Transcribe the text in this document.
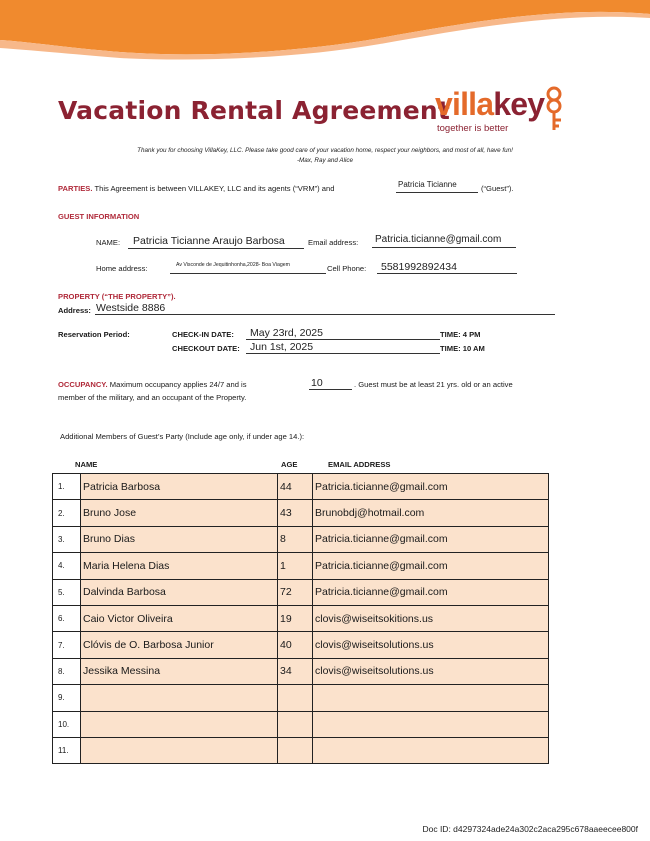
Vacation Rental Agreement
villakey
together is better
Thank you for choosing VillaKey, LLC. Please take good care of your vacation home, respect your neighbors, and most of all, have fun!
-Max, Ray and Alice
PARTIES. This Agreement is between VILLAKEY, LLC and its agents (“VRM”) and	Patricia Ticianne	(“Guest”).
GUEST INFORMATION
NAME: Patricia Ticianne Araujo Barbosa	Email address: Patricia.ticianne@gmail.com
Home address:	Av Visconde de Jequitinhonha,2028- Boa Viagem	Cell Phone: 5581992892434
PROPERTY (“THE PROPERTY”).
Address: Westside 8886
Reservation Period:	CHECK-IN DATE: May 23rd, 2025	TIME: 4 PM
CHECKOUT DATE: Jun 1st, 2025	TIME: 10 AM
OCCUPANCY. Maximum occupancy applies 24/7 and is	10	. Guest must be at least 21 yrs. old or an active
member of the military, and an occupant of the Property.
Additional Members of Guest’s Party (Include age only, if under age 14.):
NAME	AGE	EMAIL ADDRESS
1.	Patricia Barbosa	44	Patricia.ticianne@gmail.com
2.	Bruno Jose	43	Brunobdj@hotmail.com
3.	Bruno Dias	8	Patricia.ticianne@gmail.com
4.	Maria Helena Dias	1	Patricia.ticianne@gmail.com
5.	Dalvinda Barbosa	72	Patricia.ticianne@gmail.com
6.	Caio Victor Oliveira	19	clovis@wiseitsokitions.us
7.	Clóvis de O. Barbosa Junior	40	clovis@wiseitsolutions.us
8.	Jessika Messina	34	clovis@wiseitsolutions.us
9.			
10.			
11.			
Doc ID: d4297324ade24a302c2aca295c678aaeecee800f
